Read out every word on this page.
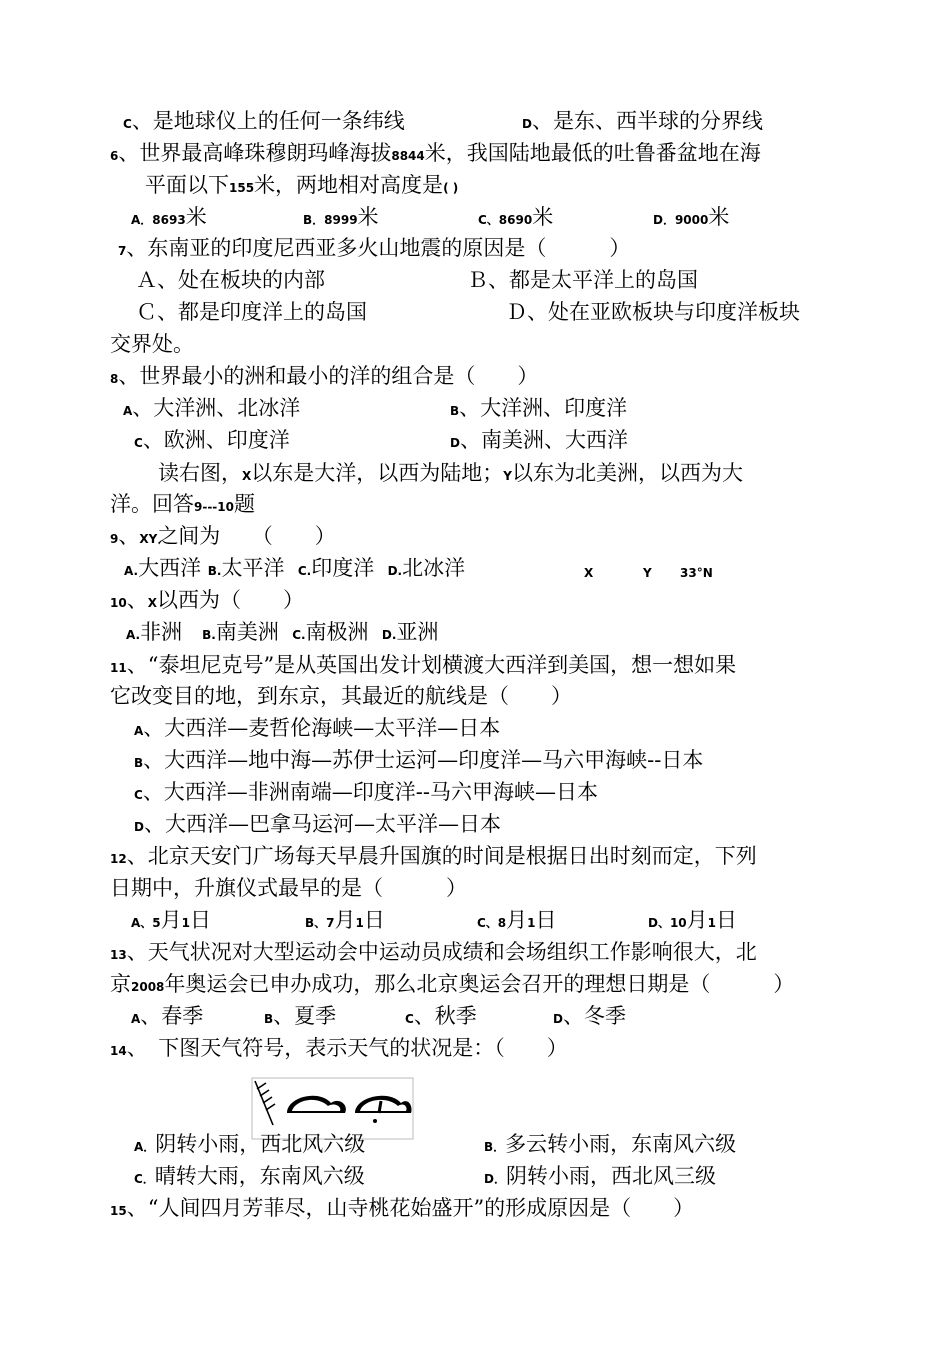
C、是地球仪上的任何一条纬线	D、是东、西半球的分界线
6、世界最高峰珠穆朗玛峰海拔8844米，我国陆地最低的吐鲁番盆地在海
平面以下155米，两地相对高度是( )
A．8693米	B．8999米	C、8690米	D．9000米
7、东南亚的印度尼西亚多火山地震的原因是（　　　）
Ａ、处在板块的内部	Ｂ、都是太平洋上的岛国
Ｃ、都是印度洋上的岛国	Ｄ、处在亚欧板块与印度洋板块
交界处。
8、世界最小的洲和最小的洋的组合是（　　）
A、大洋洲、北冰洋	B、大洋洲、印度洋
C、欧洲、印度洋	D、南美洲、大西洋
读右图，X以东是大洋，以西为陆地；Y以东为北美洲，以西为大
洋。回答9---10题
9、XY之间为　　（　　）
A.大西洋 B.太平洋 C.印度洋 D.北冰洋	X	Y 33°N
10、X以西为（　　）
A.非洲 B.南美洲 C.南极洲 D.亚洲
11、“泰坦尼克号”是从英国出发计划横渡大西洋到美国，想一想如果
它改变目的地，到东京，其最近的航线是（　　）
A、大西洋—麦哲伦海峡—太平洋—日本
B、大西洋—地中海—苏伊士运河—印度洋—马六甲海峡--日本
C、大西洋—非洲南端—印度洋--马六甲海峡—日本
D、大西洋—巴拿马运河—太平洋—日本
12、北京天安门广场每天早晨升国旗的时间是根据日出时刻而定，下列
日期中，升旗仪式最早的是（　　　）
A、5月1日	B、7月1日	C、8月1日	D、10月1日
13、天气状况对大型运动会中运动员成绩和会场组织工作影响很大，北
京2008年奥运会已申办成功，那么北京奥运会召开的理想日期是（　　　）
A、春季	B、夏季	C、秋季	D、冬季
14、　下图天气符号，表示天气的状况是：（　　）
A．阴转小雨，西北风六级	B．多云转小雨，东南风六级
C．晴转大雨，东南风六级	D．阴转小雨，西北风三级
15、“人间四月芳菲尽，山寺桃花始盛开”的形成原因是（　　）
